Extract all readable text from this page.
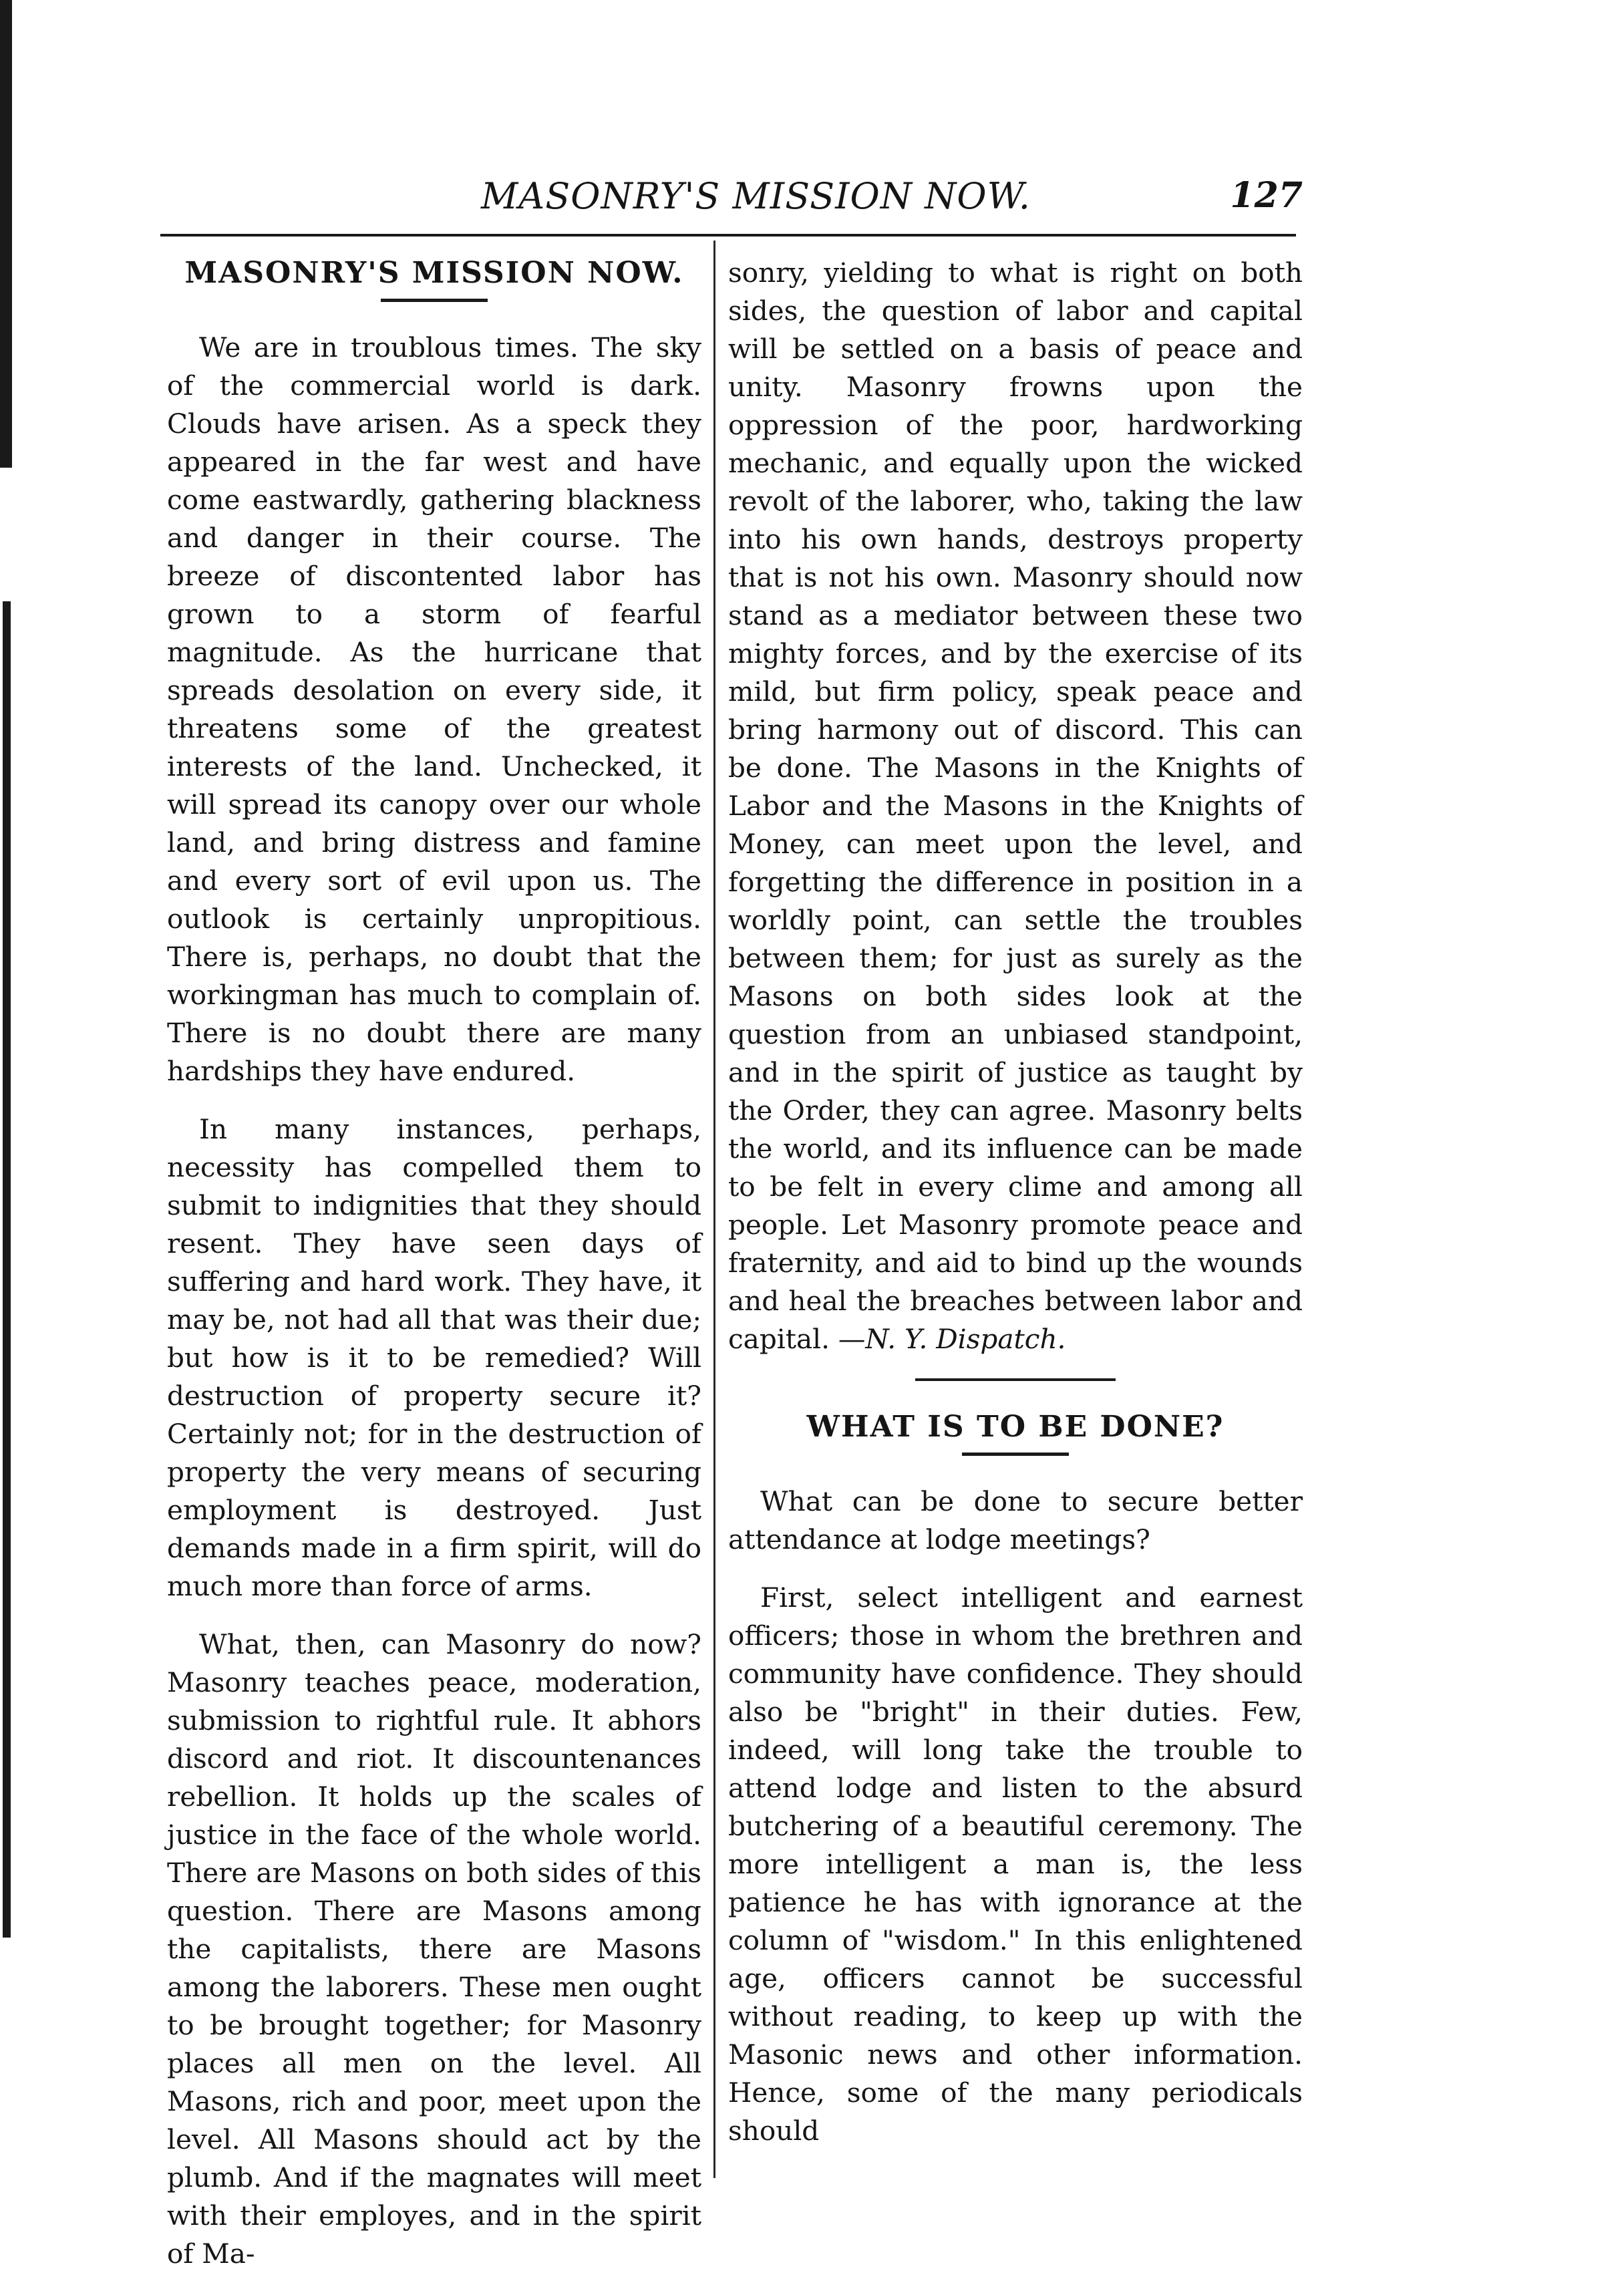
MASONRY'S MISSION NOW.	127
MASONRY'S MISSION NOW.

We are in troublous times. The sky of the commercial world is dark. Clouds have arisen. As a speck they appeared in the far west and have come eastwardly, gathering blackness and danger in their course. The breeze of discontented labor has grown to a storm of fearful magnitude. As the hurricane that spreads desolation on every side, it threatens some of the greatest interests of the land. Unchecked, it will spread its canopy over our whole land, and bring distress and famine and every sort of evil upon us. The outlook is certainly unpropitious. There is, perhaps, no doubt that the workingman has much to complain of. There is no doubt there are many hardships they have endured.

In many instances, perhaps, necessity has compelled them to submit to indignities that they should resent. They have seen days of suffering and hard work. They have, it may be, not had all that was their due; but how is it to be remedied? Will destruction of property secure it? Certainly not; for in the destruction of property the very means of securing employment is destroyed. Just demands made in a firm spirit, will do much more than force of arms.

What, then, can Masonry do now? Masonry teaches peace, moderation, submission to rightful rule. It abhors discord and riot. It discountenances rebellion. It holds up the scales of justice in the face of the whole world. There are Masons on both sides of this question. There are Masons among the capitalists, there are Masons among the laborers. These men ought to be brought together; for Masonry places all men on the level. All Masons, rich and poor, meet upon the level. All Masons should act by the plumb. And if the magnates will meet with their employes, and in the spirit of Ma-

sonry, yielding to what is right on both sides, the question of labor and capital will be settled on a basis of peace and unity. Masonry frowns upon the oppression of the poor, hardworking mechanic, and equally upon the wicked revolt of the laborer, who, taking the law into his own hands, destroys property that is not his own. Masonry should now stand as a mediator between these two mighty forces, and by the exercise of its mild, but firm policy, speak peace and bring harmony out of discord. This can be done. The Masons in the Knights of Labor and the Masons in the Knights of Money, can meet upon the level, and forgetting the difference in position in a worldly point, can settle the troubles between them; for just as surely as the Masons on both sides look at the question from an unbiased standpoint, and in the spirit of justice as taught by the Order, they can agree. Masonry belts the world, and its influence can be made to be felt in every clime and among all people. Let Masonry promote peace and fraternity, and aid to bind up the wounds and heal the breaches between labor and capital. —N. Y. Dispatch.

WHAT IS TO BE DONE?

What can be done to secure better attendance at lodge meetings?

First, select intelligent and earnest officers; those in whom the brethren and community have confidence. They should also be "bright" in their duties. Few, indeed, will long take the trouble to attend lodge and listen to the absurd butchering of a beautiful ceremony. The more intelligent a man is, the less patience he has with ignorance at the column of "wisdom." In this enlightened age, officers cannot be successful without reading, to keep up with the Masonic news and other information. Hence, some of the many periodicals should
